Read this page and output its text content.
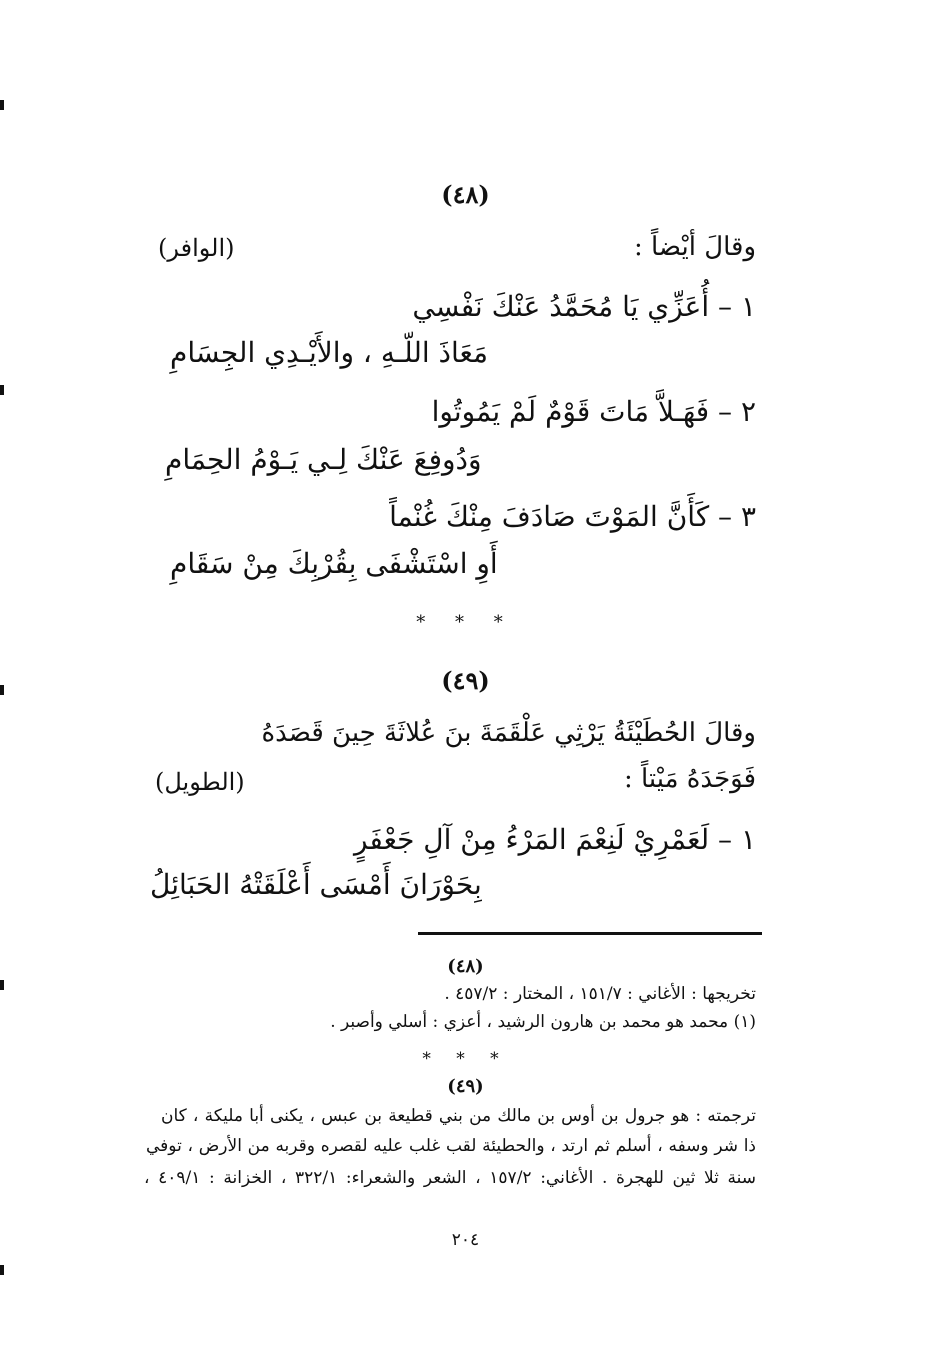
(٤٨)
وقالَ أيْضاً :
(الوافر)
١ – أُعَزِّي يَا مُحَمَّدُ عَنْكَ نَفْسِي
مَعَاذَ اللّـهِ ، والأَيْـدِي الجِسَامِ
٢ – فَهَـلاَّ مَاتَ قَوْمٌ لَمْ يَمُوتُوا
وَدُوفِعَ عَنْكَ لِـي يَـوْمُ الحِمَامِ
٣ – كَأَنَّ المَوْتَ صَادَفَ مِنْكَ غُنْماً
أَوِ اسْتَشْفَى بِقُرْبِكَ مِنْ سَقَامِ
* * *
(٤٩)
وقالَ الحُطَيْئَةُ يَرْثِي عَلْقَمَةَ بنَ عُلاثَةَ حِينَ قَصَدَهُ
فَوَجَدَهُ مَيْتاً :
(الطويل)
١ – لَعَمْرِيْ لَنِعْمَ المَرْءُ مِنْ آلِ جَعْفَرٍ
بِحَوْرَانَ أَمْسَى أَعْلَقَتْهُ الحَبَائِلُ
(٤٨)
تخريجها : الأغاني : ١٥١/٧ ، المختار : ٤٥٧/٢ .
(١) محمد هو محمد بن هارون الرشيد ، أعزي : أسلي وأصبر .
* * *
(٤٩)
ترجمته : هو جرول بن أوس بن مالك من بني قطيعة بن عبس ، يكنى أبا مليكة ، كان
ذا شر وسفه ، أسلم ثم ارتد ، والحطيئة لقب غلب عليه لقصره وقربه من الأرض ، توفي
سنة ثلا ثين للهجرة . الأغاني: ١٥٧/٢ ، الشعر والشعراء: ٣٢٢/١ ، الخزانة : ٤٠٩/١ ،
٢٠٤
